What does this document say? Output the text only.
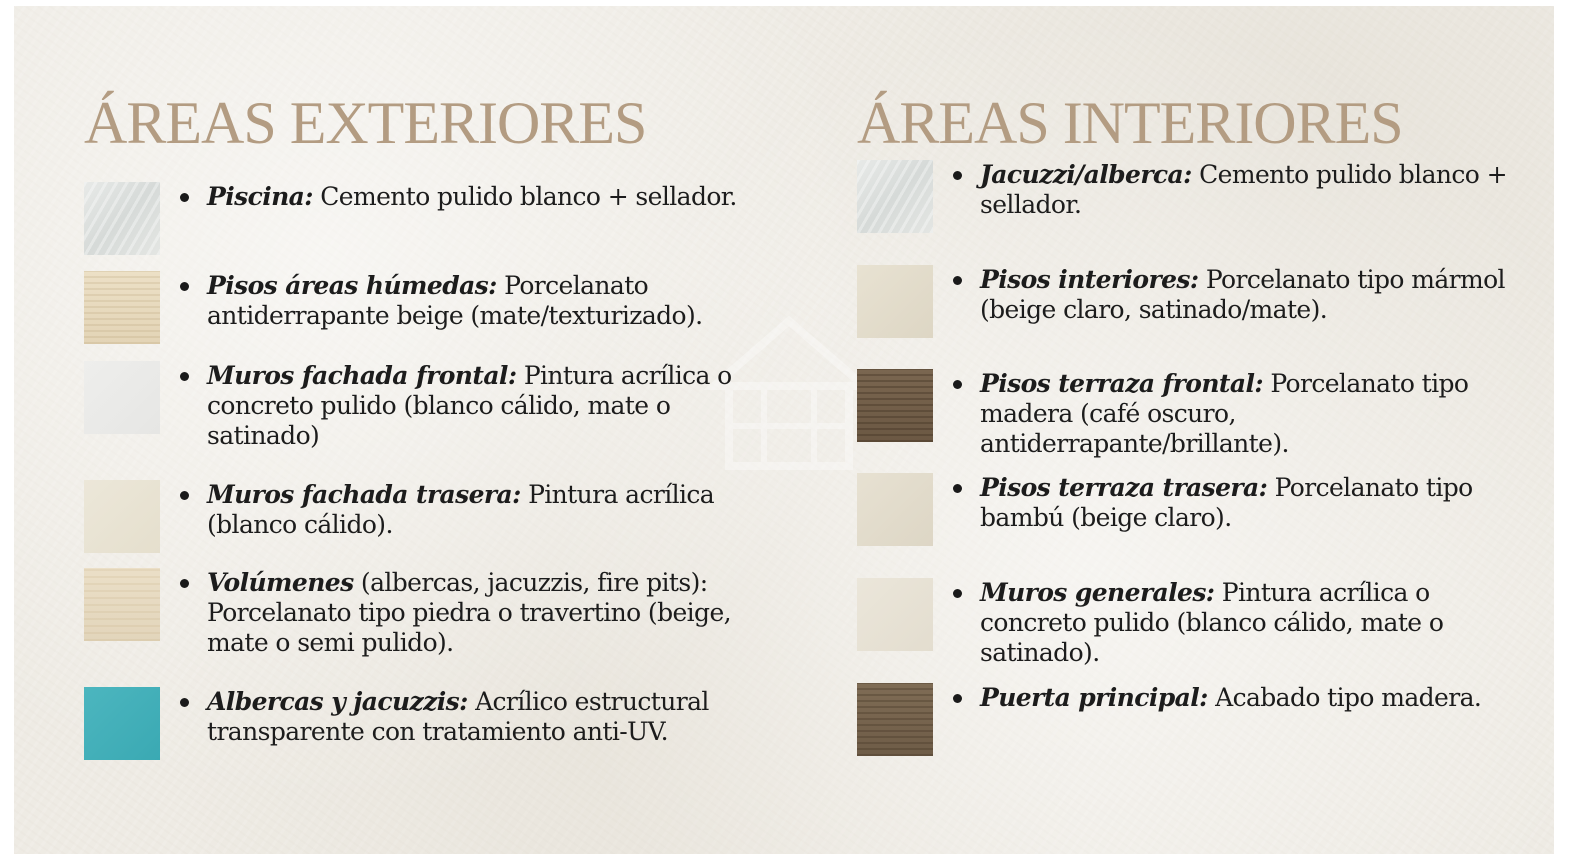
ÁREAS EXTERIORES
Piscina: Cemento pulido blanco + sellador.
Pisos áreas húmedas: Porcelanato antiderrapante beige (mate/texturizado).
Muros fachada frontal: Pintura acrílica o concreto pulido (blanco cálido, mate o satinado)
Muros fachada trasera: Pintura acrílica (blanco cálido).
Volúmenes (albercas, jacuzzis, fire pits): Porcelanato tipo piedra o travertino (beige, mate o semi pulido).
Albercas y jacuzzis: Acrílico estructural transparente con tratamiento anti-UV.
ÁREAS INTERIORES
Jacuzzi/alberca: Cemento pulido blanco + sellador.
Pisos interiores: Porcelanato tipo mármol (beige claro, satinado/mate).
Pisos terraza frontal: Porcelanato tipo madera (café oscuro, antiderrapante/brillante).
Pisos terraza trasera: Porcelanato tipo bambú (beige claro).
Muros generales: Pintura acrílica o concreto pulido (blanco cálido, mate o satinado).
Puerta principal: Acabado tipo madera.
